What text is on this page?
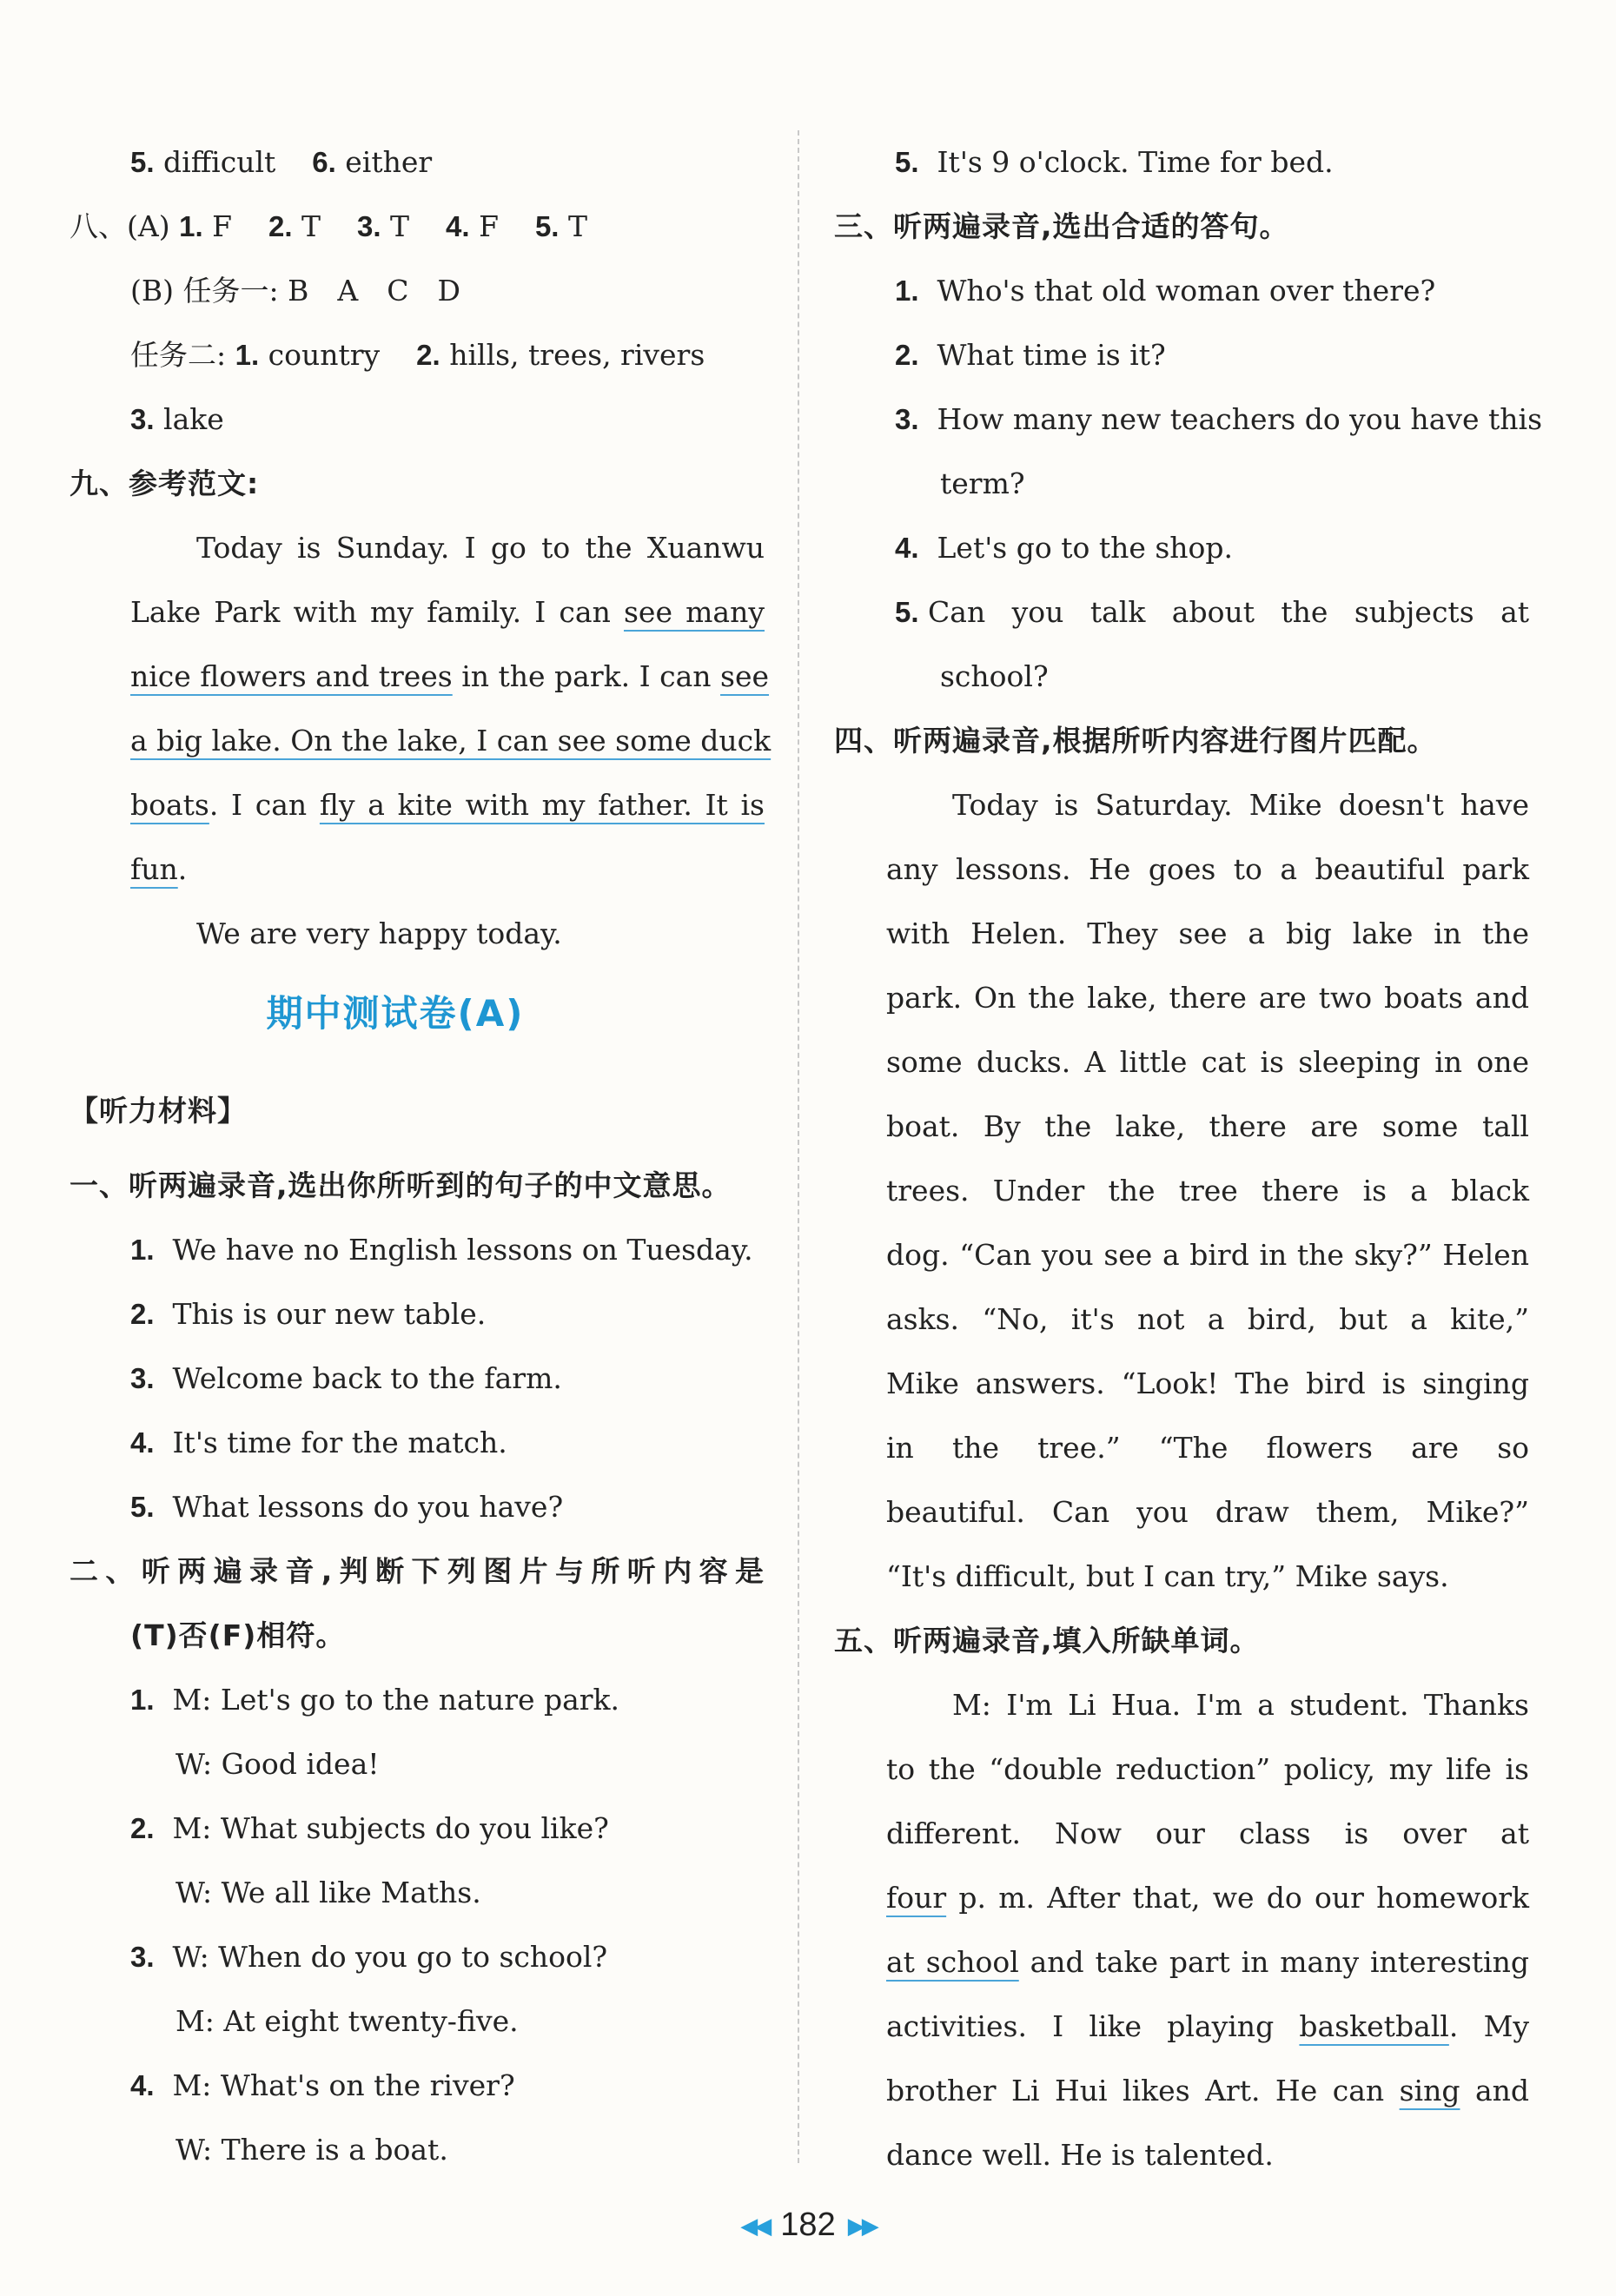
5. difficult 6. either
八、(A) 1. F 2. T 3. T 4. F 5. T
(B) 任务一: B　A　C　D
任务二: 1. country 2. hills, trees, rivers
3. lake
九、参考范文:
Today is Sunday. I go to the Xuanwu
Lake Park with my family. I can see many
nice flowers and trees in the park. I can see
a big lake. On the lake, I can see some duck
boats. I can fly a kite with my father. It is
fun.
We are very happy today.
期中测试卷(A)
【听力材料】
一、听两遍录音,选出你所听到的句子的中文意思。
1. We have no English lessons on Tuesday.
2. This is our new table.
3. Welcome back to the farm.
4. It's time for the match.
5. What lessons do you have?
二、听两遍录音,判断下列图片与所听内容是
(T)否(F)相符。
1. M: Let's go to the nature park.
W: Good idea!
2. M: What subjects do you like?
W: We all like Maths.
3. W: When do you go to school?
M: At eight twenty-five.
4. M: What's on the river?
W: There is a boat.
5. It's 9 o'clock. Time for bed.
三、听两遍录音,选出合适的答句。
1. Who's that old woman over there?
2. What time is it?
3. How many new teachers do you have this
term?
4. Let's go to the shop.
5.
Can you talk about the subjects at
school?
四、听两遍录音,根据所听内容进行图片匹配。
Today is Saturday. Mike doesn't have
any lessons. He goes to a beautiful park
with Helen. They see a big lake in the
park. On the lake, there are two boats and
some ducks. A little cat is sleeping in one
boat. By the lake, there are some tall
trees. Under the tree there is a black
dog. “Can you see a bird in the sky?” Helen
asks. “No, it's not a bird, but a kite,”
Mike answers. “Look! The bird is singing
in the tree.” “The flowers are so
beautiful. Can you draw them, Mike?”
“It's difficult, but I can try,” Mike says.
五、听两遍录音,填入所缺单词。
M: I'm Li Hua. I'm a student. Thanks
to the “double reduction” policy, my life is
different. Now our class is over at
four p. m. After that, we do our homework
at school and take part in many interesting
activities. I like playing basketball. My
brother Li Hui likes Art. He can sing and
dance well. He is talented.
◀◀ 182 ▶▶
